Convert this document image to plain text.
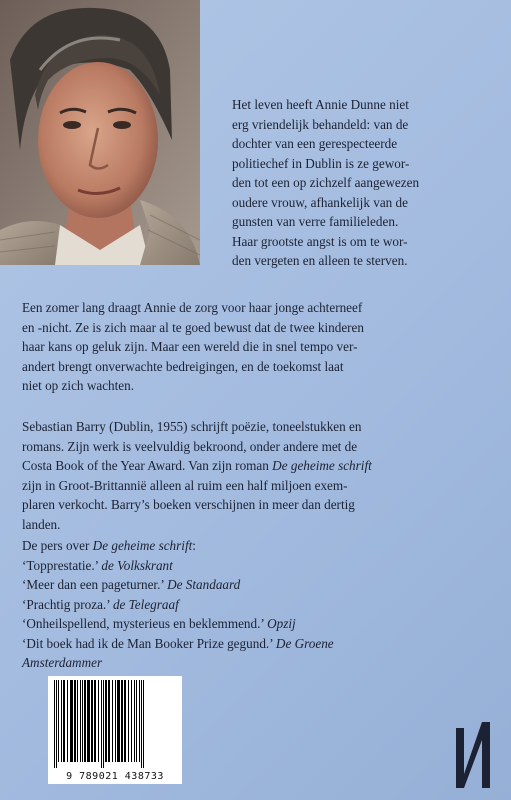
Het leven heeft Annie Dunne niet
erg vriendelijk behandeld: van de
dochter van een gerespecteerde
politiechef in Dublin is ze gewor-
den tot een op zichzelf aangewezen
oudere vrouw, afhankelijk van de
gunsten van verre familieleden.
Haar grootste angst is om te wor-
den vergeten en alleen te sterven.
Een zomer lang draagt Annie de zorg voor haar jonge achterneef
en -nicht. Ze is zich maar al te goed bewust dat de twee kinderen
haar kans op geluk zijn. Maar een wereld die in snel tempo ver-
andert brengt onverwachte bedreigingen, en de toekomst laat
niet op zich wachten.
Sebastian Barry (Dublin, 1955) schrijft poëzie, toneelstukken en
romans. Zijn werk is veelvuldig bekroond, onder andere met de
Costa Book of the Year Award. Van zijn roman De geheime schrift
zijn in Groot-Brittannië alleen al ruim een half miljoen exem-
plaren verkocht. Barry’s boeken verschijnen in meer dan dertig
landen.
De pers over De geheime schrift:
‘Topprestatie.’ de Volkskrant
‘Meer dan een pageturner.’ De Standaard
‘Prachtig proza.’ de Telegraaf
‘Onheilspellend, mysterieus en beklemmend.’ Opzij
‘Dit boek had ik de Man Booker Prize gegund.’ De Groene
Amsterdammer
9 789021 438733
